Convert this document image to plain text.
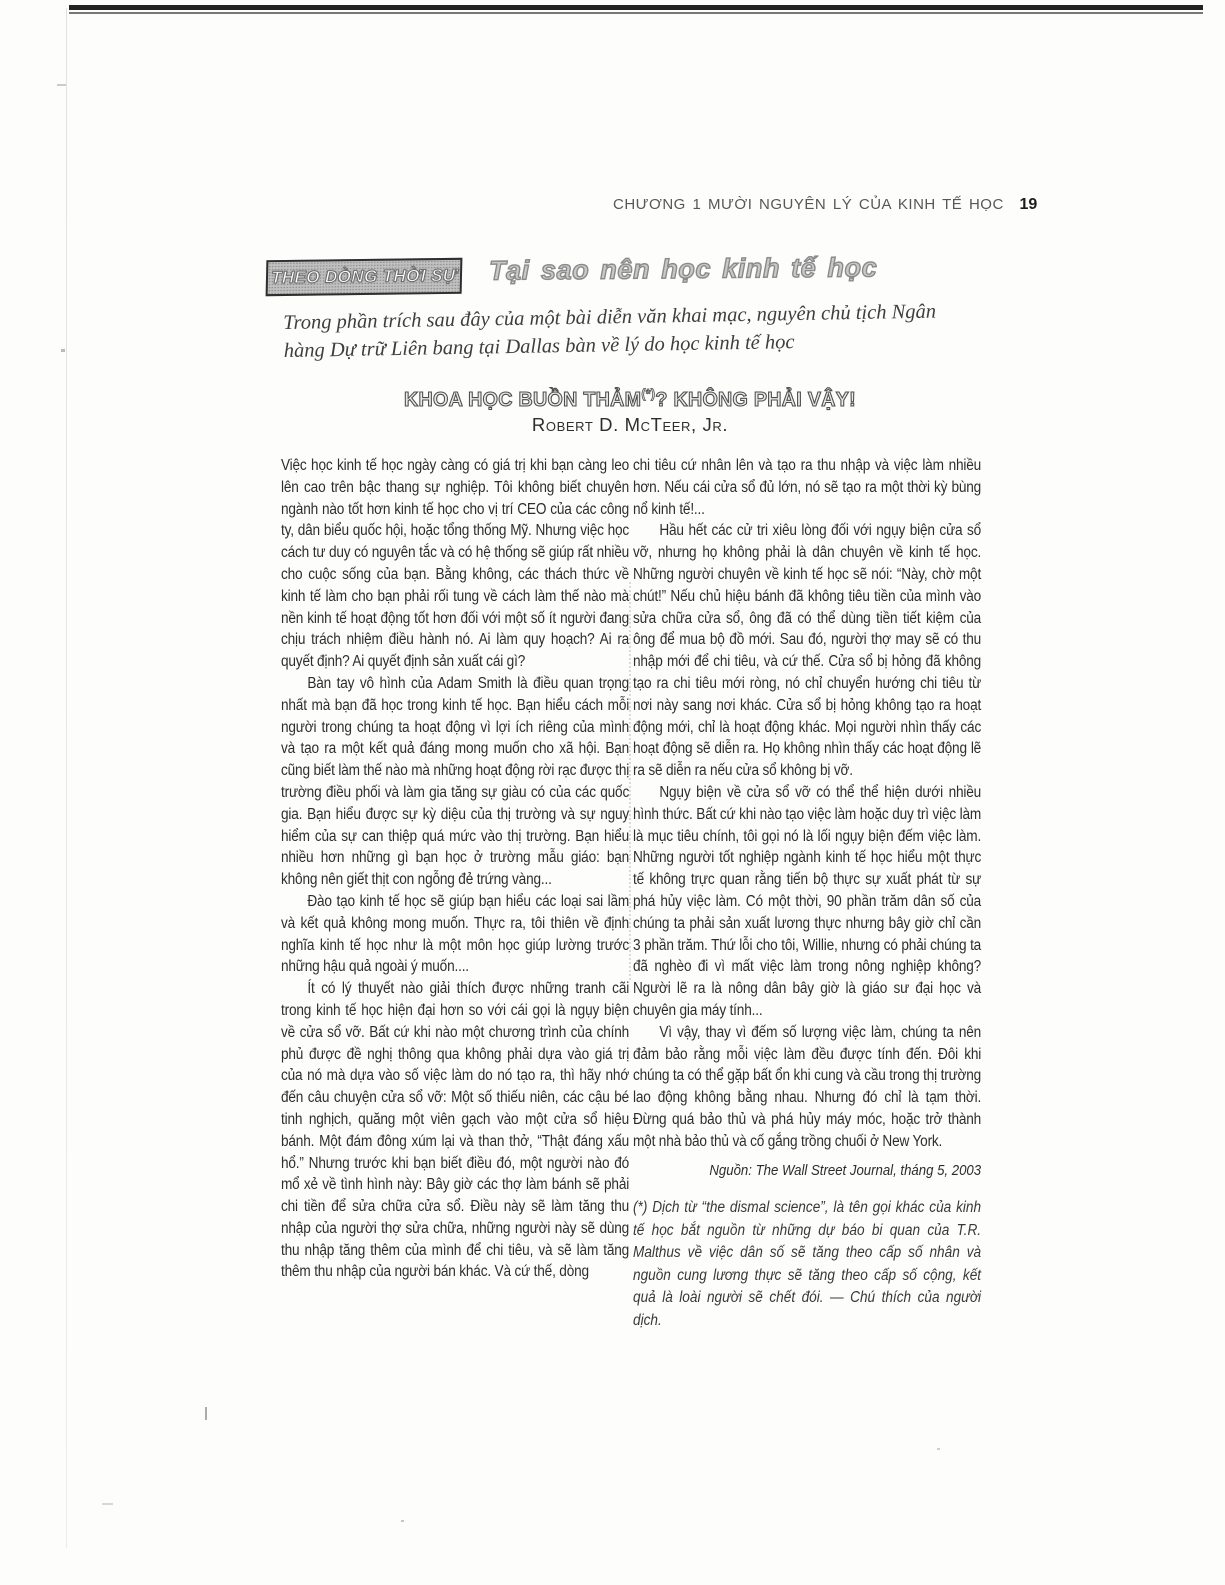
CHƯƠNG 1 MƯỜI NGUYÊN LÝ CỦA KINH TẾ HỌC 19
THEO DÒNG THỜI SỰ Tại sao nên học kinh tế học
Trong phần trích sau đây của một bài diễn văn khai mạc, nguyên chủ tịch Ngân hàng Dự trữ Liên bang tại Dallas bàn về lý do học kinh tế học
KHOA HỌC BUỒN THẢM(*)? KHÔNG PHẢI VẬY!
Robert D. McTeer, Jr.

Việc học kinh tế học ngày càng có giá trị khi bạn càng leo lên cao trên bậc thang sự nghiệp. Tôi không biết chuyên ngành nào tốt hơn kinh tế học cho vị trí CEO của các công ty, dân biểu quốc hội, hoặc tổng thống Mỹ. Nhưng việc học cách tư duy có nguyên tắc và có hệ thống sẽ giúp rất nhiều cho cuộc sống của bạn. Bằng không, các thách thức về kinh tế làm cho bạn phải rối tung về cách làm thế nào mà nền kinh tế hoạt động tốt hơn đối với một số ít người đang chịu trách nhiệm điều hành nó. Ai làm quy hoạch? Ai ra quyết định? Ai quyết định sản xuất cái gì?

Bàn tay vô hình của Adam Smith là điều quan trọng nhất mà bạn đã học trong kinh tế học. Bạn hiểu cách mỗi người trong chúng ta hoạt động vì lợi ích riêng của mình và tạo ra một kết quả đáng mong muốn cho xã hội. Bạn cũng biết làm thế nào mà những hoạt động rời rạc được thị trường điều phối và làm gia tăng sự giàu có của các quốc gia. Bạn hiểu được sự kỳ diệu của thị trường và sự nguy hiểm của sự can thiệp quá mức vào thị trường. Bạn hiểu nhiều hơn những gì bạn học ở trường mẫu giáo: bạn không nên giết thịt con ngỗng đẻ trứng vàng...

Đào tạo kinh tế học sẽ giúp bạn hiểu các loại sai lầm và kết quả không mong muốn. Thực ra, tôi thiên về định nghĩa kinh tế học như là một môn học giúp lường trước những hậu quả ngoài ý muốn....

Ít có lý thuyết nào giải thích được những tranh cãi trong kinh tế học hiện đại hơn so với cái gọi là ngụy biện về cửa sổ vỡ. Bất cứ khi nào một chương trình của chính phủ được đề nghị thông qua không phải dựa vào giá trị của nó mà dựa vào số việc làm do nó tạo ra, thì hãy nhớ đến câu chuyện cửa sổ vỡ: Một số thiếu niên, các cậu bé tinh nghịch, quăng một viên gạch vào một cửa sổ hiệu bánh. Một đám đông xúm lại và than thở, “Thật đáng xấu hổ.” Nhưng trước khi bạn biết điều đó, một người nào đó mổ xẻ về tình hình này: Bây giờ các thợ làm bánh sẽ phải chi tiền để sửa chữa cửa sổ. Điều này sẽ làm tăng thu nhập của người thợ sửa chữa, những người này sẽ dùng thu nhập tăng thêm của mình để chi tiêu, và sẽ làm tăng thêm thu nhập của người bán khác. Và cứ thế, dòng

chi tiêu cứ nhân lên và tạo ra thu nhập và việc làm nhiều hơn. Nếu cái cửa sổ đủ lớn, nó sẽ tạo ra một thời kỳ bùng nổ kinh tế!...

Hầu hết các cử tri xiêu lòng đối với ngụy biện cửa sổ vỡ, nhưng họ không phải là dân chuyên về kinh tế học. Những người chuyên về kinh tế học sẽ nói: “Này, chờ một chút!” Nếu chủ hiệu bánh đã không tiêu tiền của mình vào sửa chữa cửa sổ, ông đã có thể dùng tiền tiết kiệm của ông để mua bộ đồ mới. Sau đó, người thợ may sẽ có thu nhập mới để chi tiêu, và cứ thế. Cửa sổ bị hỏng đã không tạo ra chi tiêu mới ròng, nó chỉ chuyển hướng chi tiêu từ nơi này sang nơi khác. Cửa sổ bị hỏng không tạo ra hoạt động mới, chỉ là hoạt động khác. Mọi người nhìn thấy các hoạt động sẽ diễn ra. Họ không nhìn thấy các hoạt động lẽ ra sẽ diễn ra nếu cửa sổ không bị vỡ.

Ngụy biện về cửa sổ vỡ có thể thể hiện dưới nhiều hình thức. Bất cứ khi nào tạo việc làm hoặc duy trì việc làm là mục tiêu chính, tôi gọi nó là lối ngụy biện đếm việc làm. Những người tốt nghiệp ngành kinh tế học hiểu một thực tế không trực quan rằng tiến bộ thực sự xuất phát từ sự phá hủy việc làm. Có một thời, 90 phần trăm dân số của chúng ta phải sản xuất lương thực nhưng bây giờ chỉ cần 3 phần trăm. Thứ lỗi cho tôi, Willie, nhưng có phải chúng ta đã nghèo đi vì mất việc làm trong nông nghiệp không? Người lẽ ra là nông dân bây giờ là giáo sư đại học và chuyên gia máy tính...

Vì vậy, thay vì đếm số lượng việc làm, chúng ta nên đảm bảo rằng mỗi việc làm đều được tính đến. Đôi khi chúng ta có thể gặp bất ổn khi cung và cầu trong thị trường lao động không bằng nhau. Nhưng đó chỉ là tạm thời. Đừng quá bảo thủ và phá hủy máy móc, hoặc trở thành một nhà bảo thủ và cố gắng trồng chuối ở New York.

Nguồn: The Wall Street Journal, tháng 5, 2003
(*) Dịch từ “the dismal science”, là tên gọi khác của kinh tế học bắt nguồn từ những dự báo bi quan của T.R. Malthus về việc dân số sẽ tăng theo cấp số nhân và nguồn cung lương thực sẽ tăng theo cấp số cộng, kết quả là loài người sẽ chết đói. — Chú thích của người dịch.
